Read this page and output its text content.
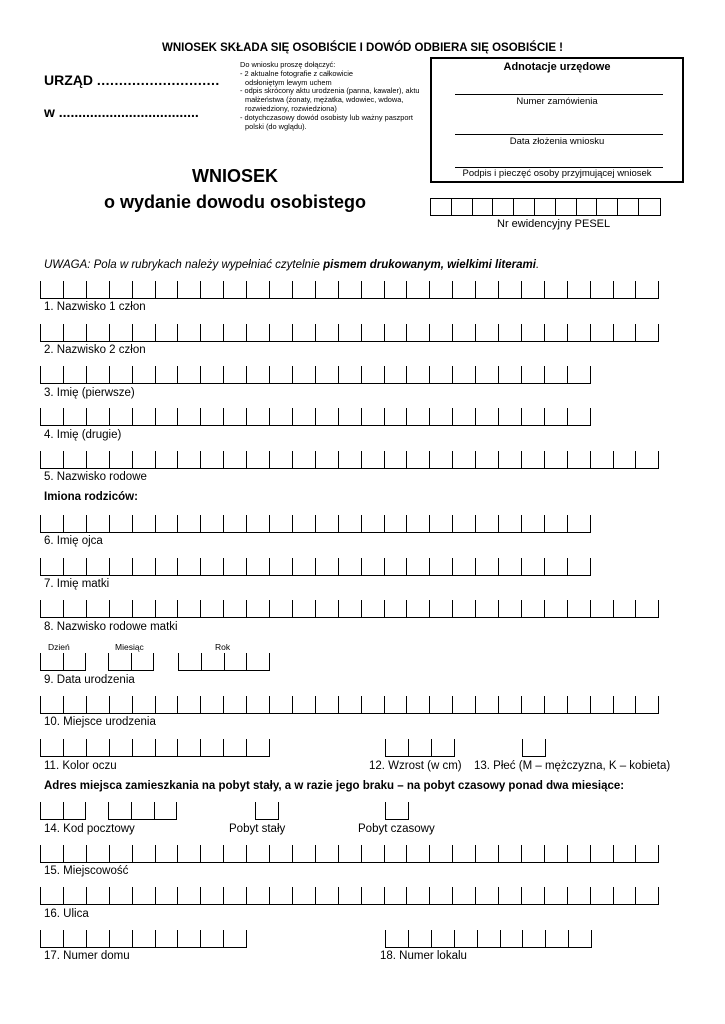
WNIOSEK SKŁADA SIĘ OSOBIŚCIE I DOWÓD ODBIERA SIĘ OSOBIŚCIE !
URZĄD ............................
w ....................................
Do wniosku proszę dołączyć:
- 2 aktualne fotografie z całkowicie
odsłoniętym lewym uchem
- odpis skrócony aktu urodzenia (panna, kawaler), aktu
małżeństwa (żonaty, mężatka, wdowiec, wdowa,
rozwiedziony, rozwiedziona)
- dotychczasowy dowód osobisty lub ważny paszport
polski (do wglądu).
Adnotacje urzędowe
Numer zamówienia
Data złożenia wniosku
Podpis i pieczęć osoby przyjmującej wniosek
WNIOSEK
o wydanie dowodu osobistego
Nr ewidencyjny PESEL
UWAGA: Pola w rubrykach należy wypełniać czytelnie pismem drukowanym, wielkimi literami.
1. Nazwisko 1 człon
2. Nazwisko 2 człon
3. Imię (pierwsze)
4. Imię (drugie)
5. Nazwisko rodowe
Imiona rodziców:
6. Imię ojca
7. Imię matki
8. Nazwisko rodowe matki
Dzień	Miesiąc	Rok
9. Data urodzenia
10. Miejsce urodzenia
11. Kolor oczu	12. Wzrost (w cm) 13. Płeć (M – mężczyzna, K – kobieta)
Adres miejsca zamieszkania na pobyt stały, a w razie jego braku – na pobyt czasowy ponad dwa miesiące:
14. Kod pocztowy	Pobyt stały	Pobyt czasowy
15. Miejscowość
16. Ulica
17. Numer domu	18. Numer lokalu
